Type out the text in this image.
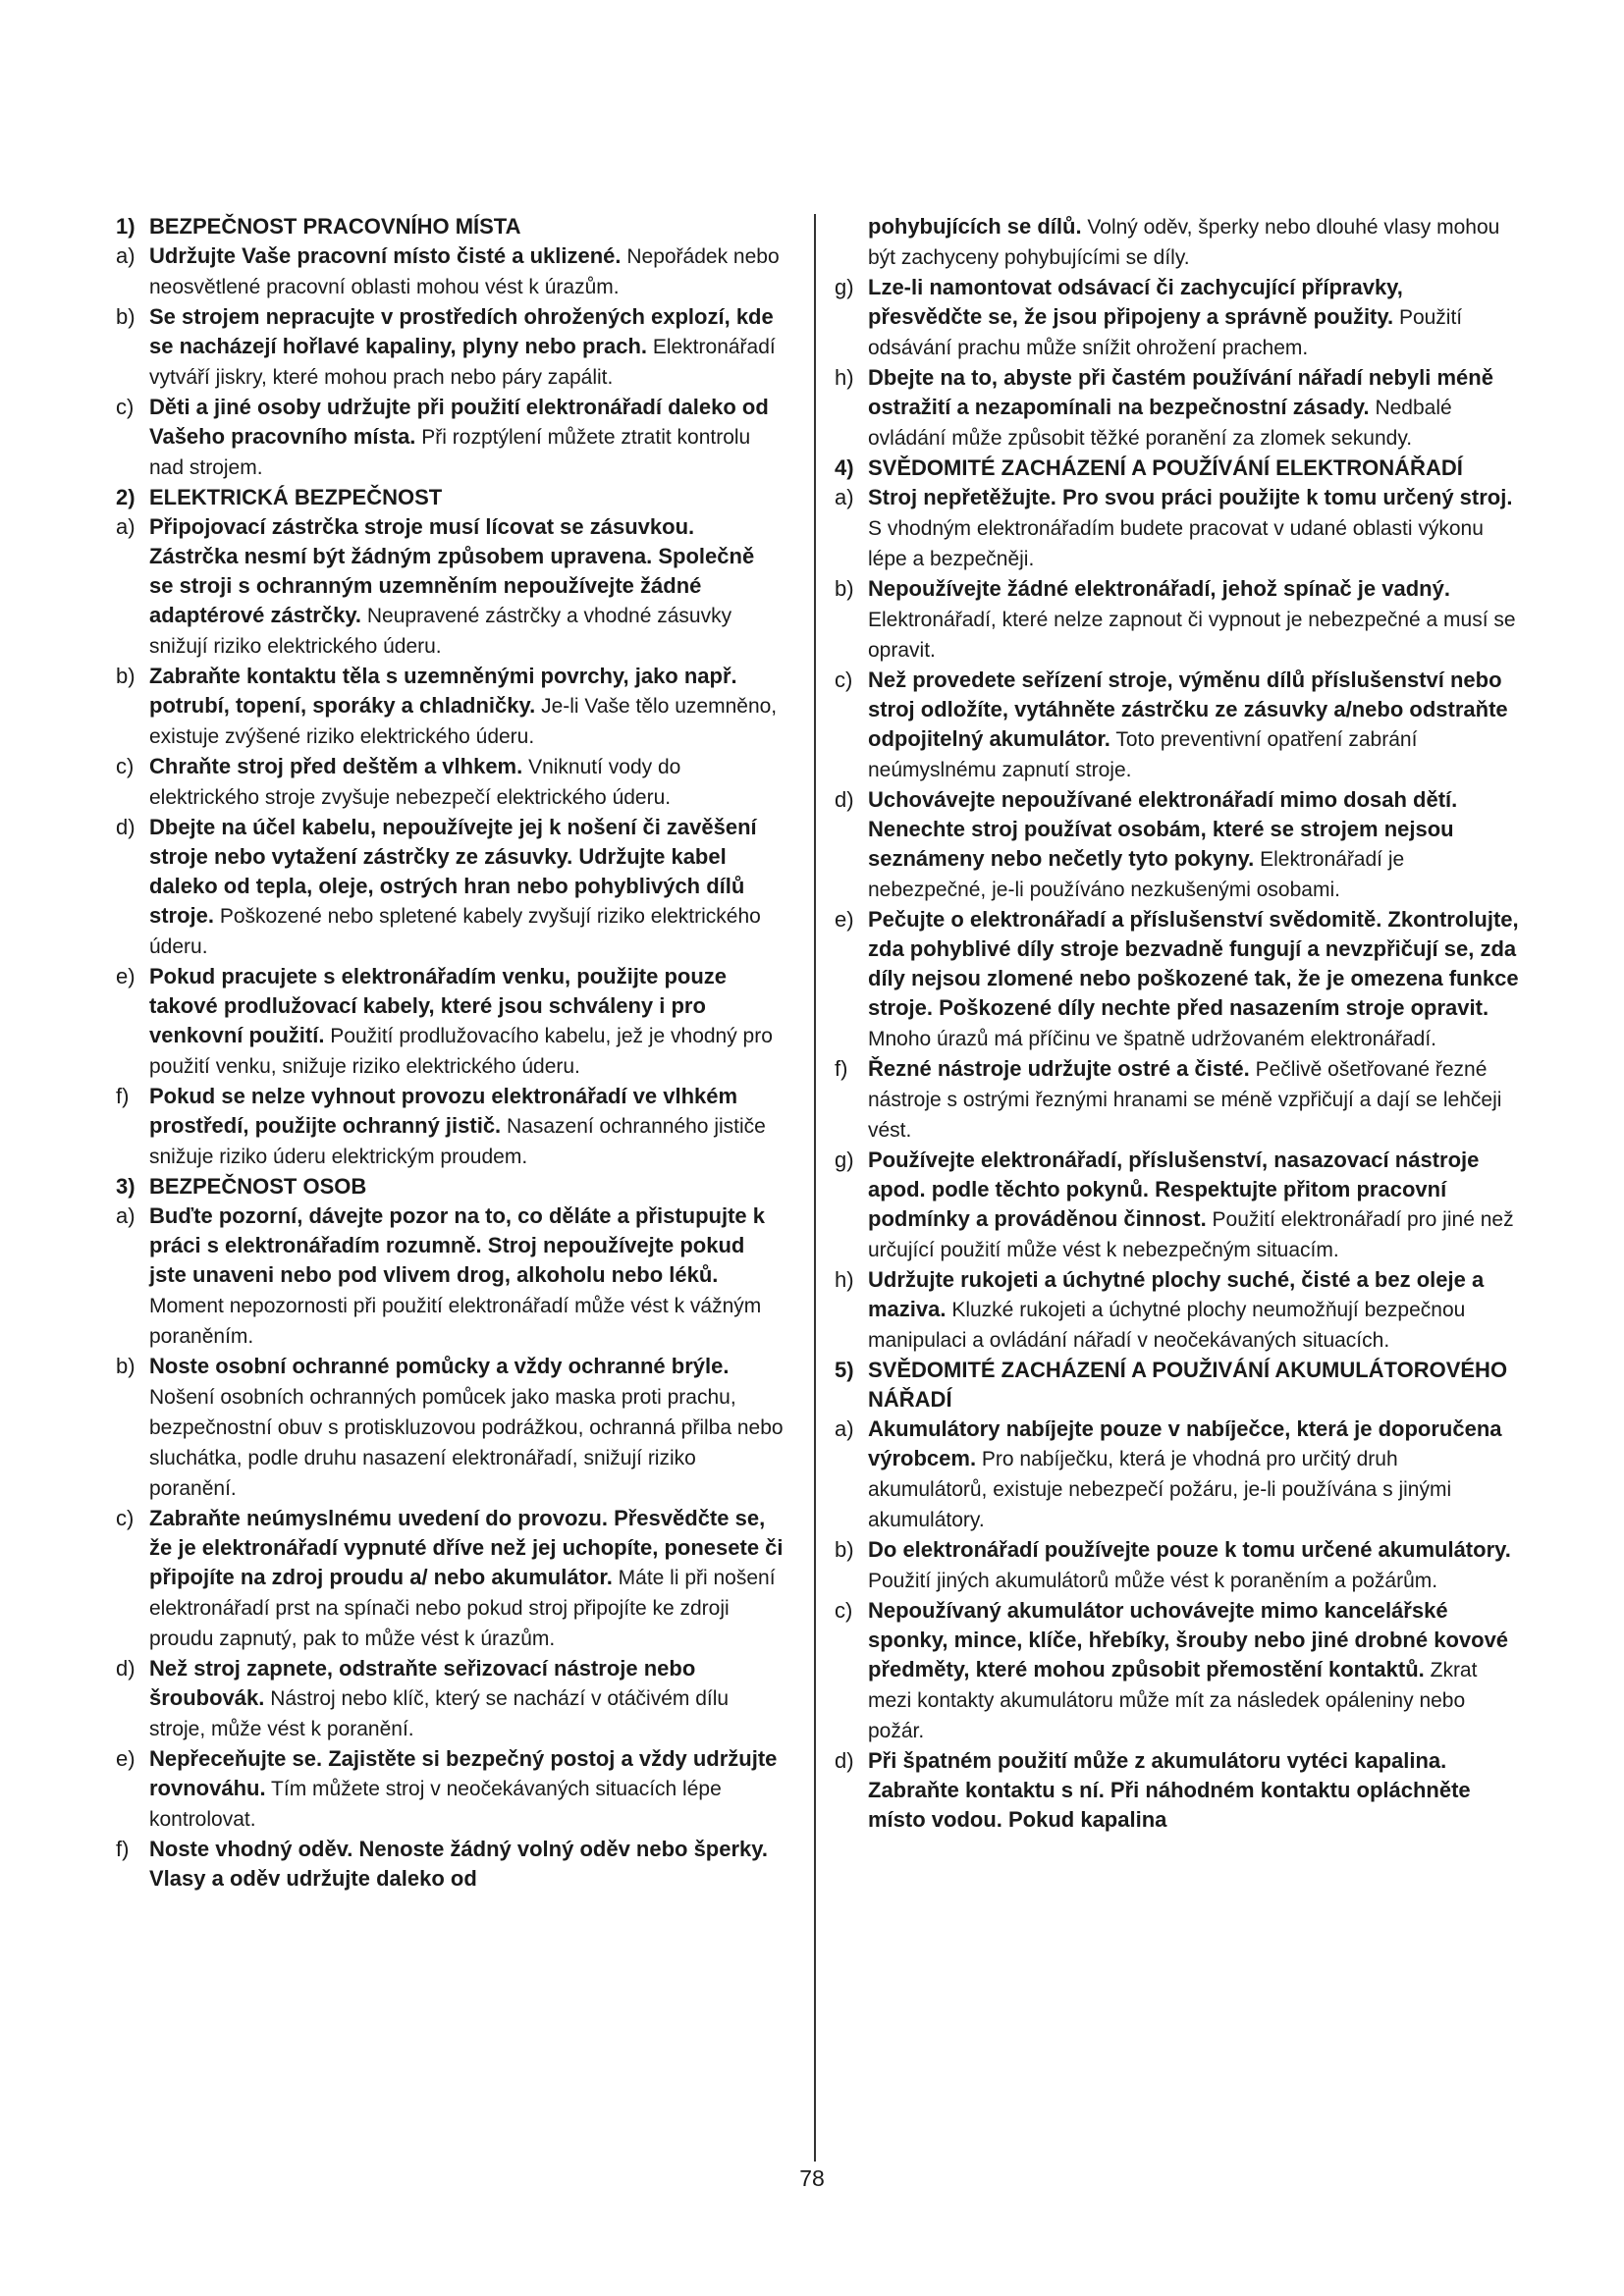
1) BEZPEČNOST PRACOVNÍHO MÍSTA
a) Udržujte Vaše pracovní místo čisté a uklizené. Nepořádek nebo neosvětlené pracovní oblasti mohou vést k úrazům.
b) Se strojem nepracujte v prostředích ohrožených explozí, kde se nacházejí hořlavé kapaliny, plyny nebo prach. Elektronářadí vytváří jiskry, které mohou prach nebo páry zapálit.
c) Děti a jiné osoby udržujte při použití elektronářadí daleko od Vašeho pracovního místa. Při rozptýlení můžete ztratit kontrolu nad strojem.
2) ELEKTRICKÁ BEZPEČNOST
a) Připojovací zástrčka stroje musí lícovat se zásuvkou. Zástrčka nesmí být žádným způsobem upravena. Společně se stroji s ochranným uzemněním nepoužívejte žádné adaptérové zástrčky. Neupravené zástrčky a vhodné zásuvky snižují riziko elektrického úderu.
b) Zabraňte kontaktu těla s uzemněnými povrchy, jako např. potrubí, topení, sporáky a chladničky. Je-li Vaše tělo uzemněno, existuje zvýšené riziko elektrického úderu.
c) Chraňte stroj před deštěm a vlhkem. Vniknutí vody do elektrického stroje zvyšuje nebezpečí elektrického úderu.
d) Dbejte na účel kabelu, nepoužívejte jej k nošení či zavěšení stroje nebo vytažení zástrčky ze zásuvky. Udržujte kabel daleko od tepla, oleje, ostrých hran nebo pohyblivých dílů stroje. Poškozené nebo spletené kabely zvyšují riziko elektrického úderu.
e) Pokud pracujete s elektronářadím venku, použijte pouze takové prodlužovací kabely, které jsou schváleny i pro venkovní použití. Použití prodlužovacího kabelu, jež je vhodný pro použití venku, snižuje riziko elektrického úderu.
f) Pokud se nelze vyhnout provozu elektronářadí ve vlhkém prostředí, použijte ochranný jistič. Nasazení ochranného jističe snižuje riziko úderu elektrickým proudem.
3) BEZPEČNOST OSOB
a) Buďte pozorní, dávejte pozor na to, co děláte a přistupujte k práci s elektronářadím rozumně. Stroj nepoužívejte pokud jste unaveni nebo pod vlivem drog, alkoholu nebo léků. Moment nepozornosti při použití elektronářadí může vést k vážným poraněním.
b) Noste osobní ochranné pomůcky a vždy ochranné brýle. Nošení osobních ochranných pomůcek jako maska proti prachu, bezpečnostní obuv s protiskluzovou podrážkou, ochranná přilba nebo sluchátka, podle druhu nasazení elektronářadí, snižují riziko poranění.
c) Zabraňte neúmyslnému uvedení do provozu. Přesvědčte se, že je elektronářadí vypnuté dříve než jej uchopíte, ponesete či připojíte na zdroj proudu a/ nebo akumulátor. Máte li při nošení elektronářadí prst na spínači nebo pokud stroj připojíte ke zdroji proudu zapnutý, pak to může vést k úrazům.
d) Než stroj zapnete, odstraňte seřizovací nástroje nebo šroubovák. Nástroj nebo klíč, který se nachází v otáčivém dílu stroje, může vést k poranění.
e) Nepřeceňujte se. Zajistěte si bezpečný postoj a vždy udržujte rovnováhu. Tím můžete stroj v neočekávaných situacích lépe kontrolovat.
f) Noste vhodný oděv. Nenoste žádný volný oděv nebo šperky. Vlasy a oděv udržujte daleko od
pohybujících se dílů. Volný oděv, šperky nebo dlouhé vlasy mohou být zachyceny pohybujícími se díly.
g) Lze-li namontovat odsávací či zachycující přípravky, přesvědčte se, že jsou připojeny a správně použity. Použití odsávání prachu může snížit ohrožení prachem.
h) Dbejte na to, abyste při častém používání nářadí nebyli méně ostražití a nezapomínali na bezpečnostní zásady. Nedbalé ovládání může způsobit těžké poranění za zlomek sekundy.
4) SVĚDOMITÉ ZACHÁZENÍ A POUŽÍVÁNÍ ELEKTRONÁŘADÍ
a) Stroj nepřetěžujte. Pro svou práci použijte k tomu určený stroj. S vhodným elektronářadím budete pracovat v udané oblasti výkonu lépe a bezpečněji.
b) Nepoužívejte žádné elektronářadí, jehož spínač je vadný. Elektronářadí, které nelze zapnout či vypnout je nebezpečné a musí se opravit.
c) Než provedete seřízení stroje, výměnu dílů příslušenství nebo stroj odložíte, vytáhněte zástrčku ze zásuvky a/nebo odstraňte odpojitelný akumulátor. Toto preventivní opatření zabrání neúmyslnému zapnutí stroje.
d) Uchovávejte nepoužívané elektronářadí mimo dosah dětí. Nenechte stroj používat osobám, které se strojem nejsou seznámeny nebo nečetly tyto pokyny. Elektronářadí je nebezpečné, je-li používáno nezkušenými osobami.
e) Pečujte o elektronářadí a příslušenství svědomitě. Zkontrolujte, zda pohyblivé díly stroje bezvadně fungují a nevzpřičují se, zda díly nejsou zlomené nebo poškozené tak, že je omezena funkce stroje. Poškozené díly nechte před nasazením stroje opravit. Mnoho úrazů má příčinu ve špatně udržovaném elektronářadí.
f) Řezné nástroje udržujte ostré a čisté. Pečlivě ošetřované řezné nástroje s ostrými řeznými hranami se méně vzpřičují a dají se lehčeji vést.
g) Používejte elektronářadí, příslušenství, nasazovací nástroje apod. podle těchto pokynů. Respektujte přitom pracovní podmínky a prováděnou činnost. Použití elektronářadí pro jiné než určující použití může vést k nebezpečným situacím.
h) Udržujte rukojeti a úchytné plochy suché, čisté a bez oleje a maziva. Kluzké rukojeti a úchytné plochy neumožňují bezpečnou manipulaci a ovládání nářadí v neočekávaných situacích.
5) SVĚDOMITÉ ZACHÁZENÍ A POUŽIVÁNÍ AKUMULÁTOROVÉHO NÁŘADÍ
a) Akumulátory nabíjejte pouze v nabíječce, která je doporučena výrobcem. Pro nabíječku, která je vhodná pro určitý druh akumulátorů, existuje nebezpečí požáru, je-li používána s jinými akumulátory.
b) Do elektronářadí používejte pouze k tomu určené akumulátory. Použití jiných akumulátorů může vést k poraněním a požárům.
c) Nepoužívaný akumulátor uchovávejte mimo kancelářské sponky, mince, klíče, hřebíky, šrouby nebo jiné drobné kovové předměty, které mohou způsobit přemostění kontaktů. Zkrat mezi kontakty akumulátoru může mít za následek opáleniny nebo požár.
d) Při špatném použití může z akumulátoru vytéci kapalina. Zabraňte kontaktu s ní. Při náhodném kontaktu opláchněte místo vodou. Pokud kapalina
78
